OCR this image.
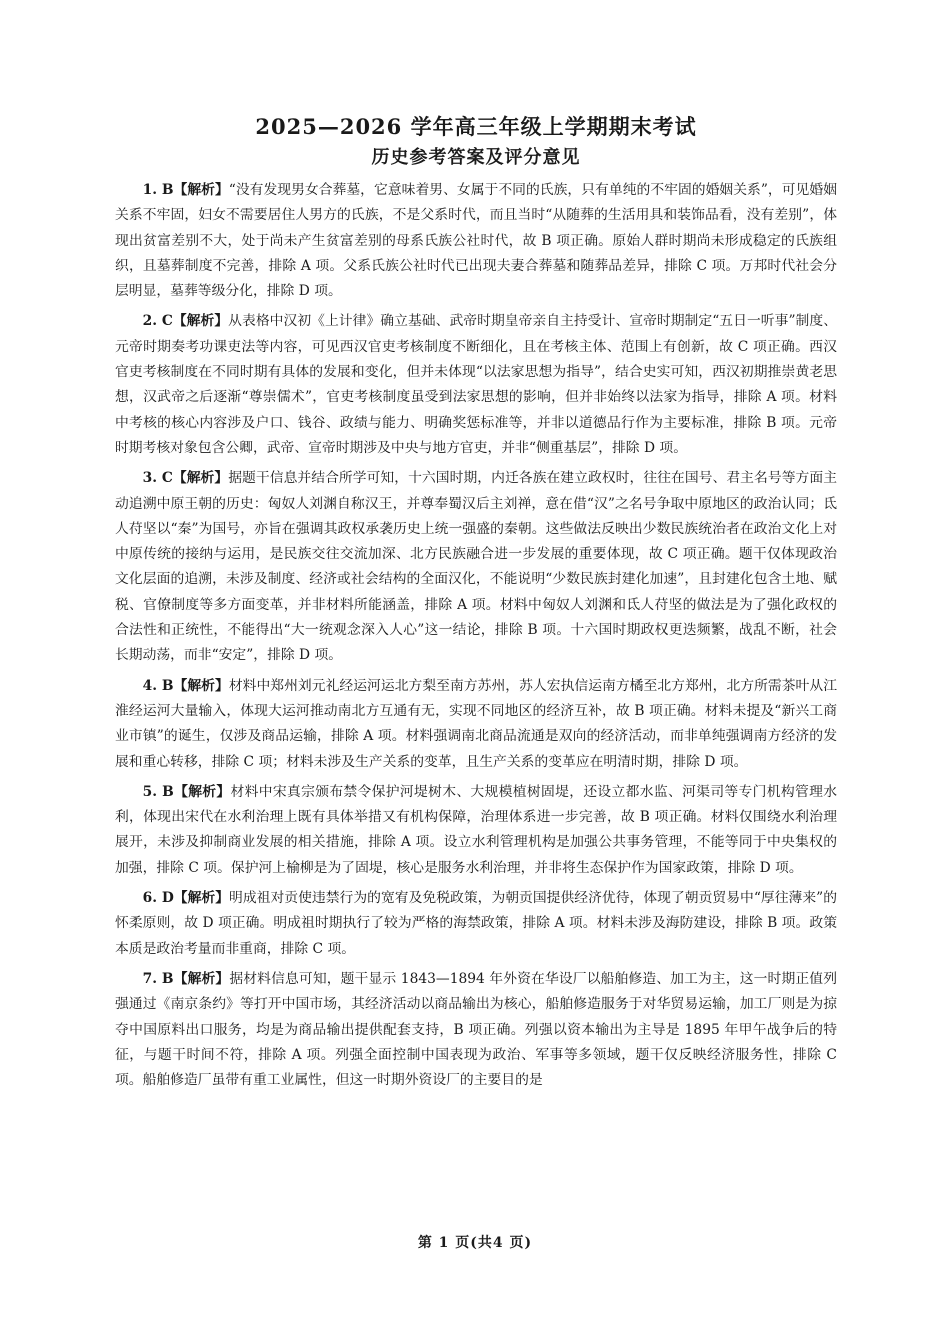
2025—2026 学年高三年级上学期期末考试
历史参考答案及评分意见

1. B【解析】“没有发现男女合葬墓，它意味着男、女属于不同的氏族，只有单纯的不牢固的婚姻关系”，可见婚姻关系不牢固，妇女不需要居住人男方的氏族，不是父系时代，而且当时“从随葬的生活用具和装饰品看，没有差别”，体现出贫富差别不大，处于尚未产生贫富差别的母系氏族公社时代，故 B 项正确。原始人群时期尚未形成稳定的氏族组织，且墓葬制度不完善，排除 A 项。父系氏族公社时代已出现夫妻合葬墓和随葬品差异，排除 C 项。万邦时代社会分层明显，墓葬等级分化，排除 D 项。

2. C【解析】从表格中汉初《上计律》确立基础、武帝时期皇帝亲自主持受计、宣帝时期制定“五日一听事”制度、元帝时期奏考功课吏法等内容，可见西汉官吏考核制度不断细化，且在考核主体、范围上有创新，故 C 项正确。西汉官吏考核制度在不同时期有具体的发展和变化，但并未体现“以法家思想为指导”，结合史实可知，西汉初期推崇黄老思想，汉武帝之后逐渐“尊崇儒术”，官吏考核制度虽受到法家思想的影响，但并非始终以法家为指导，排除 A 项。材料中考核的核心内容涉及户口、钱谷、政绩与能力、明确奖惩标准等，并非以道德品行作为主要标准，排除 B 项。元帝时期考核对象包含公卿，武帝、宣帝时期涉及中央与地方官吏，并非“侧重基层”，排除 D 项。

3. C【解析】据题干信息并结合所学可知，十六国时期，内迁各族在建立政权时，往往在国号、君主名号等方面主动追溯中原王朝的历史：匈奴人刘渊自称汉王，并尊奉蜀汉后主刘禅，意在借“汉”之名号争取中原地区的政治认同；氐人苻坚以“秦”为国号，亦旨在强调其政权承袭历史上统一强盛的秦朝。这些做法反映出少数民族统治者在政治文化上对中原传统的接纳与运用，是民族交往交流加深、北方民族融合进一步发展的重要体现，故 C 项正确。题干仅体现政治文化层面的追溯，未涉及制度、经济或社会结构的全面汉化，不能说明“少数民族封建化加速”，且封建化包含土地、赋税、官僚制度等多方面变革，并非材料所能涵盖，排除 A 项。材料中匈奴人刘渊和氐人苻坚的做法是为了强化政权的合法性和正统性，不能得出“大一统观念深入人心”这一结论，排除 B 项。十六国时期政权更迭频繁，战乱不断，社会长期动荡，而非“安定”，排除 D 项。

4. B【解析】材料中郑州刘元礼经运河运北方梨至南方苏州，苏人宏执信运南方橘至北方郑州，北方所需茶叶从江淮经运河大量输入，体现大运河推动南北方互通有无，实现不同地区的经济互补，故 B 项正确。材料未提及“新兴工商业市镇”的诞生，仅涉及商品运输，排除 A 项。材料强调南北商品流通是双向的经济活动，而非单纯强调南方经济的发展和重心转移，排除 C 项；材料未涉及生产关系的变革，且生产关系的变革应在明清时期，排除 D 项。

5. B【解析】材料中宋真宗颁布禁令保护河堤树木、大规模植树固堤，还设立都水监、河渠司等专门机构管理水利，体现出宋代在水利治理上既有具体举措又有机构保障，治理体系进一步完善，故 B 项正确。材料仅围绕水利治理展开，未涉及抑制商业发展的相关措施，排除 A 项。设立水利管理机构是加强公共事务管理，不能等同于中央集权的加强，排除 C 项。保护河上榆柳是为了固堤，核心是服务水利治理，并非将生态保护作为国家政策，排除 D 项。

6. D【解析】明成祖对贡使违禁行为的宽宥及免税政策，为朝贡国提供经济优待，体现了朝贡贸易中“厚往薄来”的怀柔原则，故 D 项正确。明成祖时期执行了较为严格的海禁政策，排除 A 项。材料未涉及海防建设，排除 B 项。政策本质是政治考量而非重商，排除 C 项。

7. B【解析】据材料信息可知，题干显示 1843—1894 年外资在华设厂以船舶修造、加工为主，这一时期正值列强通过《南京条约》等打开中国市场，其经济活动以商品输出为核心，船舶修造服务于对华贸易运输，加工厂则是为掠夺中国原料出口服务，均是为商品输出提供配套支持，B 项正确。列强以资本输出为主导是 1895 年甲午战争后的特征，与题干时间不符，排除 A 项。列强全面控制中国表现为政治、军事等多领域，题干仅反映经济服务性，排除 C 项。船舶修造厂虽带有重工业属性，但这一时期外资设厂的主要目的是

第 1 页(共4 页)
